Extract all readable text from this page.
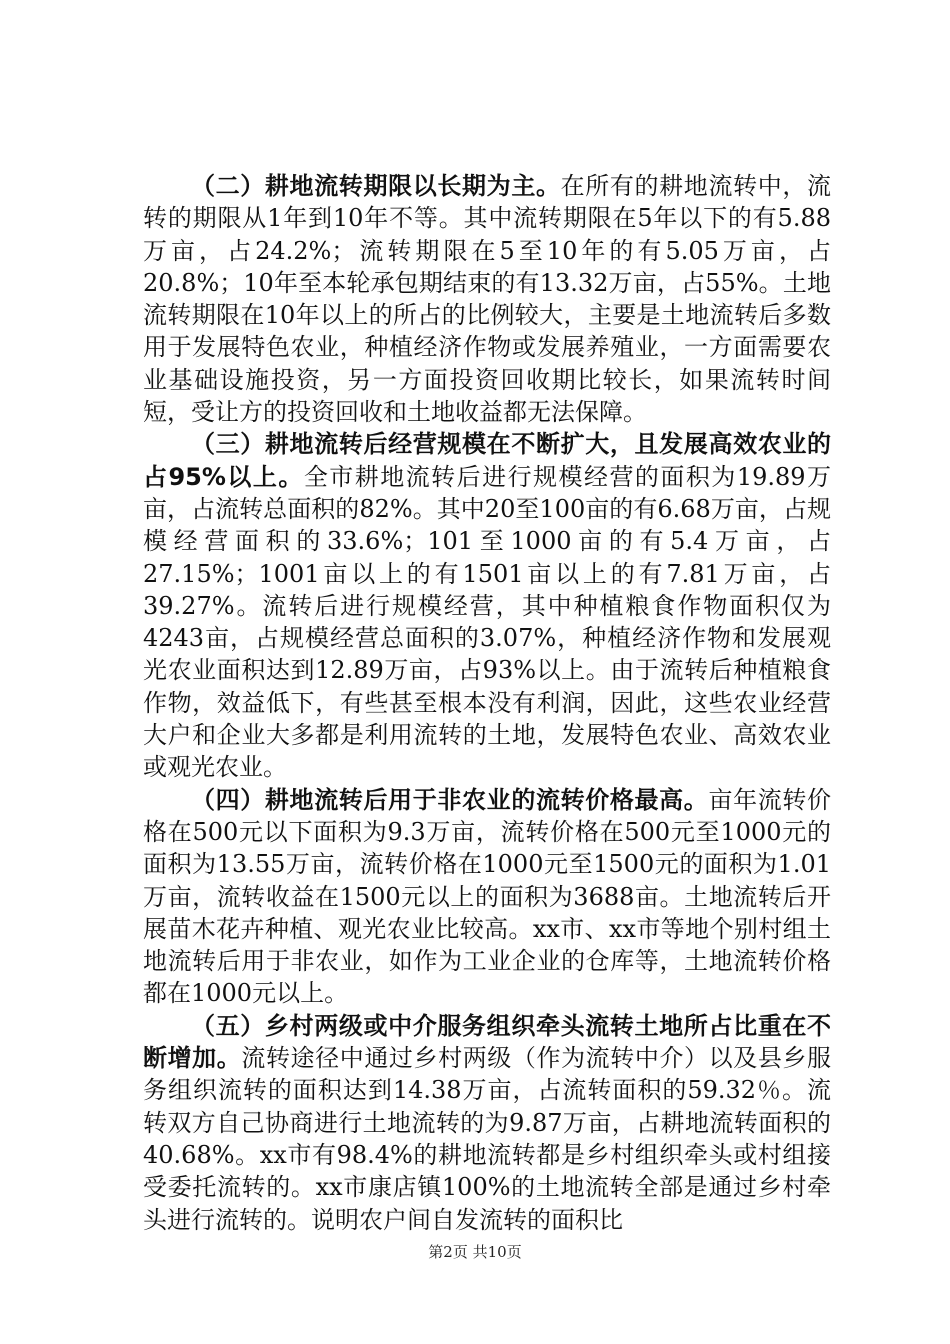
（二）耕地流转期限以长期为主。在所有的耕地流转中，流转的期限从1年到10年不等。其中流转期限在5年以下的有5.88万亩，占24.2%；流转期限在5至10年的有5.05万亩，占20.8%；10年至本轮承包期结束的有13.32万亩，占55%。土地流转期限在10年以上的所占的比例较大，主要是土地流转后多数用于发展特色农业，种植经济作物或发展养殖业，一方面需要农业基础设施投资，另一方面投资回收期比较长，如果流转时间短，受让方的投资回收和土地收益都无法保障。

（三）耕地流转后经营规模在不断扩大，且发展高效农业的占95%以上。全市耕地流转后进行规模经营的面积为19.89万亩，占流转总面积的82%。其中20至100亩的有6.68万亩，占规模经营面积的33.6%；101至1000亩的有5.4万亩，占27.15%；1001亩以上的有1501亩以上的有7.81万亩，占39.27%。流转后进行规模经营，其中种植粮食作物面积仅为4243亩，占规模经营总面积的3.07%，种植经济作物和发展观光农业面积达到12.89万亩，占93%以上。由于流转后种植粮食作物，效益低下，有些甚至根本没有利润，因此，这些农业经营大户和企业大多都是利用流转的土地，发展特色农业、高效农业或观光农业。

（四）耕地流转后用于非农业的流转价格最高。亩年流转价格在500元以下面积为9.3万亩，流转价格在500元至1000元的面积为13.55万亩，流转价格在1000元至1500元的面积为1.01万亩，流转收益在1500元以上的面积为3688亩。土地流转后开展苗木花卉种植、观光农业比较高。xx市、xx市等地个别村组土地流转后用于非农业，如作为工业企业的仓库等，土地流转价格都在1000元以上。

（五）乡村两级或中介服务组织牵头流转土地所占比重在不断增加。流转途径中通过乡村两级（作为流转中介）以及县乡服务组织流转的面积达到14.38万亩，占流转面积的59.32％。流转双方自己协商进行土地流转的为9.87万亩，占耕地流转面积的40.68%。xx市有98.4%的耕地流转都是乡村组织牵头或村组接受委托流转的。xx市康店镇100%的土地流转全部是通过乡村牵头进行流转的。说明农户间自发流转的面积比

第2页 共10页
